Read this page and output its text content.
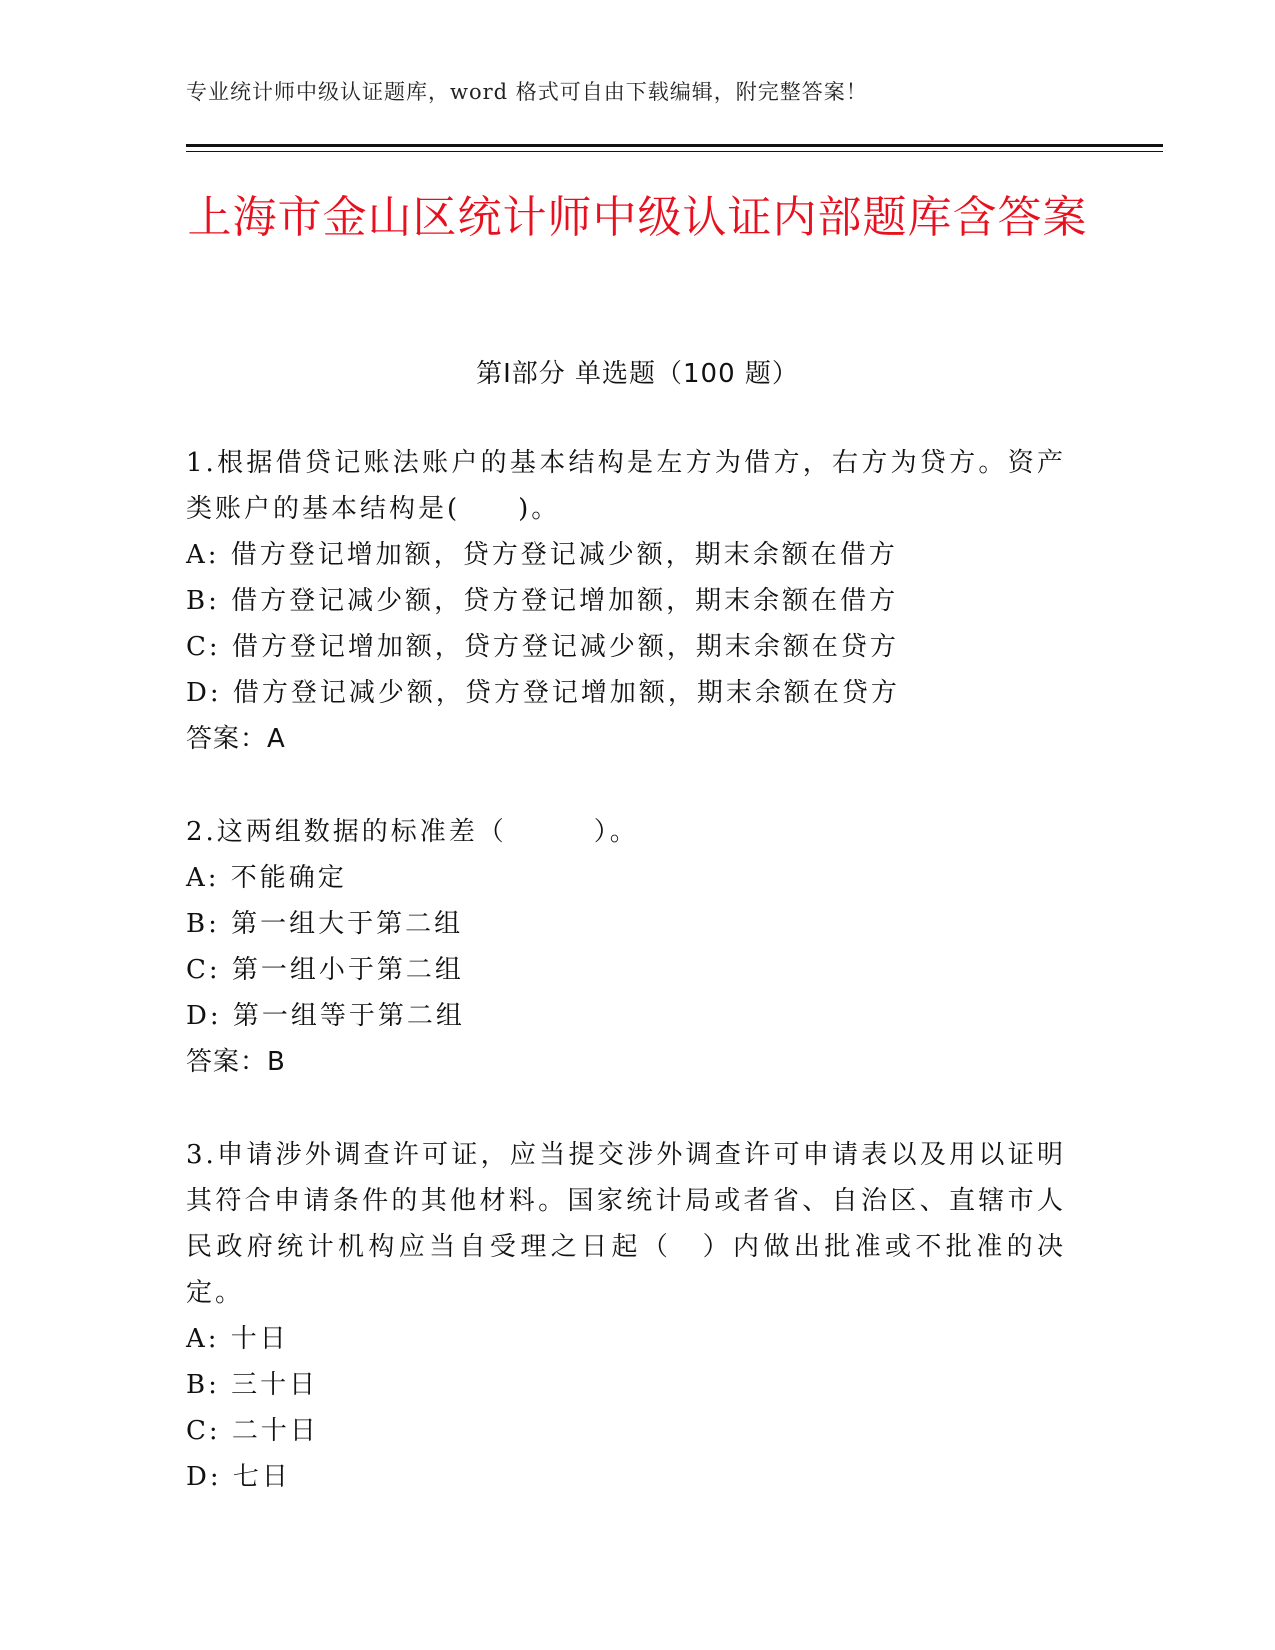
专业统计师中级认证题库，word 格式可自由下载编辑，附完整答案！
上海市金山区统计师中级认证内部题库含答案
第Ⅰ部分 单选题（100 题）
1.根据借贷记账法账户的基本结构是左方为借方，右方为贷方。资产类账户的基本结构是(　　)。
A: 借方登记增加额，贷方登记减少额，期末余额在借方
B: 借方登记减少额，贷方登记增加额，期末余额在借方
C: 借方登记增加额，贷方登记减少额，期末余额在贷方
D: 借方登记减少额，贷方登记增加额，期末余额在贷方
答案：A
2.这两组数据的标准差（　　　）。
A: 不能确定
B: 第一组大于第二组
C: 第一组小于第二组
D: 第一组等于第二组
答案：B
3.申请涉外调查许可证，应当提交涉外调查许可申请表以及用以证明其符合申请条件的其他材料。国家统计局或者省、自治区、直辖市人民政府统计机构应当自受理之日起（　）内做出批准或不批准的决定。
A: 十日
B: 三十日
C: 二十日
D: 七日
